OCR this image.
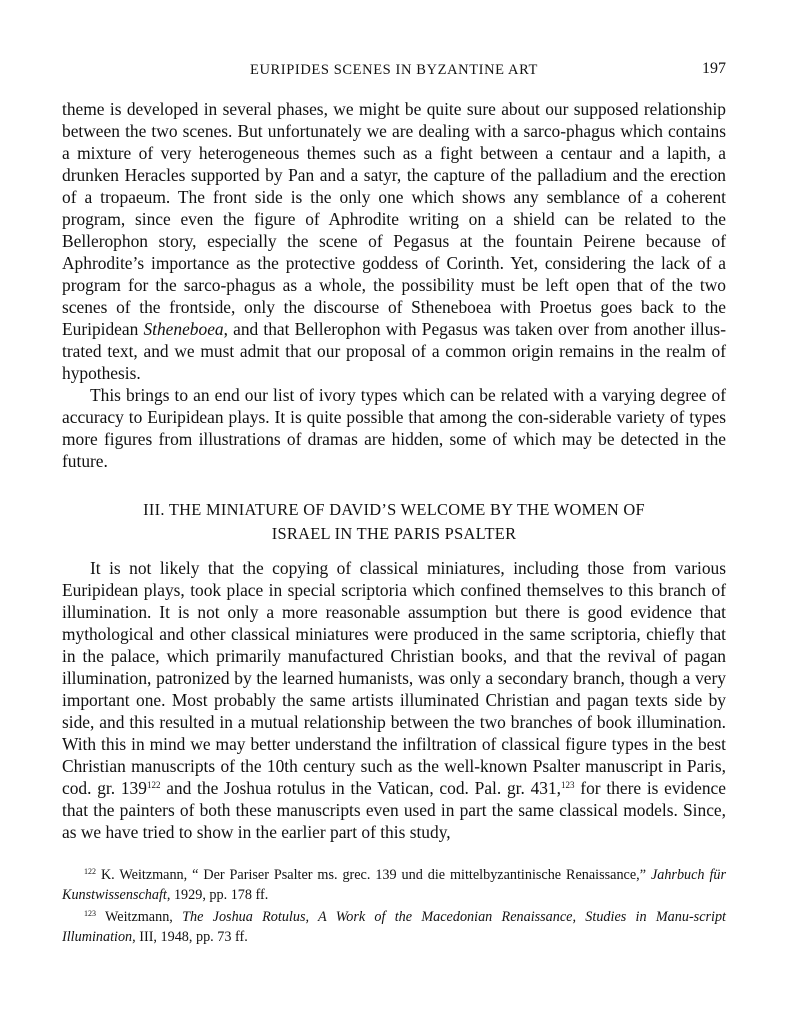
EURIPIDES SCENES IN BYZANTINE ART	197

theme is developed in several phases, we might be quite sure about our supposed relationship between the two scenes. But unfortunately we are dealing with a sarco-phagus which contains a mixture of very heterogeneous themes such as a fight between a centaur and a lapith, a drunken Heracles supported by Pan and a satyr, the capture of the palladium and the erection of a tropaeum. The front side is the only one which shows any semblance of a coherent program, since even the figure of Aphrodite writing on a shield can be related to the Bellerophon story, especially the scene of Pegasus at the fountain Peirene because of Aphrodite’s importance as the protective goddess of Corinth. Yet, considering the lack of a program for the sarco-phagus as a whole, the possibility must be left open that of the two scenes of the frontside, only the discourse of Stheneboea with Proetus goes back to the Euripidean Stheneboea, and that Bellerophon with Pegasus was taken over from another illus-trated text, and we must admit that our proposal of a common origin remains in the realm of hypothesis.

This brings to an end our list of ivory types which can be related with a varying degree of accuracy to Euripidean plays. It is quite possible that among the con-siderable variety of types more figures from illustrations of dramas are hidden, some of which may be detected in the future.

III. THE MINIATURE OF DAVID’S WELCOME BY THE WOMEN OF
ISRAEL IN THE PARIS PSALTER

It is not likely that the copying of classical miniatures, including those from various Euripidean plays, took place in special scriptoria which confined themselves to this branch of illumination. It is not only a more reasonable assumption but there is good evidence that mythological and other classical miniatures were produced in the same scriptoria, chiefly that in the palace, which primarily manufactured Christian books, and that the revival of pagan illumination, patronized by the learned humanists, was only a secondary branch, though a very important one. Most probably the same artists illuminated Christian and pagan texts side by side, and this resulted in a mutual relationship between the two branches of book illumination. With this in mind we may better understand the infiltration of classical figure types in the best Christian manuscripts of the 10th century such as the well-known Psalter manuscript in Paris, cod. gr. $139^{122}$ and the Joshua rotulus in the Vatican, cod. Pal. gr. 431,$^{123}$ for there is evidence that the painters of both these manuscripts even used in part the same classical models. Since, as we have tried to show in the earlier part of this study,

$^{122}$ K. Weitzmann, “ Der Pariser Psalter ms. grec. 139 und die mittelbyzantinische Renaissance,” Jahrbuch für Kunstwissenschaft, 1929, pp. 178 ff.

$^{123}$ Weitzmann, The Joshua Rotulus, A Work of the Macedonian Renaissance, Studies in Manu-script Illumination, III, 1948, pp. 73 ff.
